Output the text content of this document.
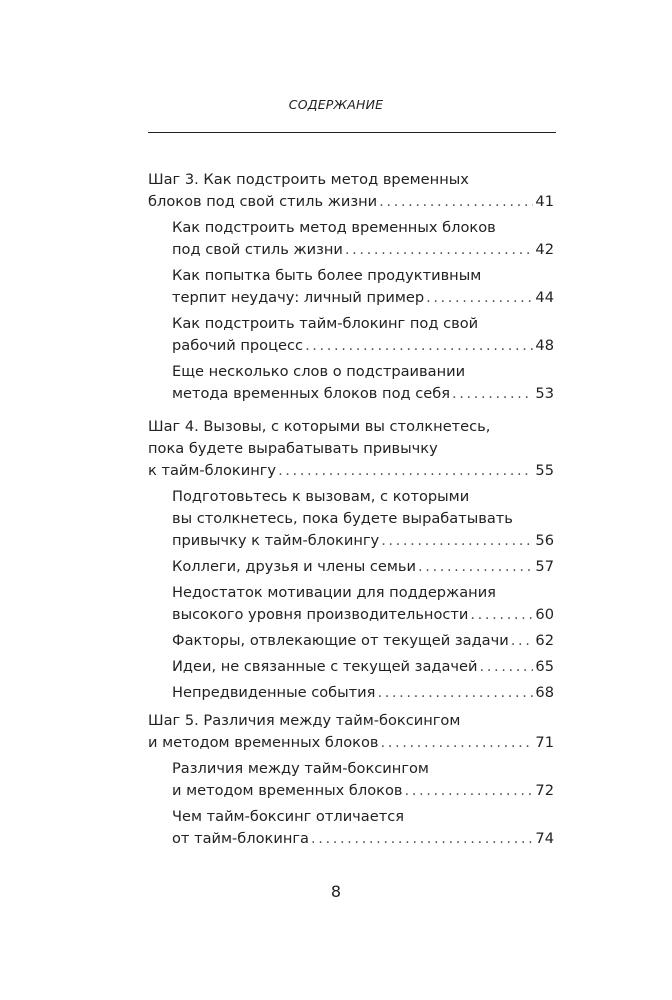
СОДЕРЖАНИЕ
Шаг 3. Как подстроить метод временных
блоков под свой стиль жизни .....	41
Как подстроить метод временных блоков
под свой стиль жизни .....	42
Как попытка быть более продуктивным
терпит неудачу: личный пример .....	44
Как подстроить тайм-блокинг под свой
рабочий процесс .....	48
Еще несколько слов о подстраивании
метода временных блоков под себя .....	53
Шаг 4. Вызовы, с которыми вы столкнетесь,
пока будете вырабатывать привычку
к тайм-блокингу .....	55
Подготовьтесь к вызовам, с которыми
вы столкнетесь, пока будете вырабатывать
привычку к тайм-блокингу .....	56
Коллеги, друзья и члены семьи .....	57
Недостаток мотивации для поддержания
высокого уровня производительности .....	60
Факторы, отвлекающие от текущей задачи ..... 62
Идеи, не связанные с текущей задачей .....	65
Непредвиденные события .....	68
Шаг 5. Различия между тайм-боксингом
и методом временных блоков .....	71
Различия между тайм-боксингом
и методом временных блоков .....	72
Чем тайм-боксинг отличается
от тайм-блокинга .....	74
8
